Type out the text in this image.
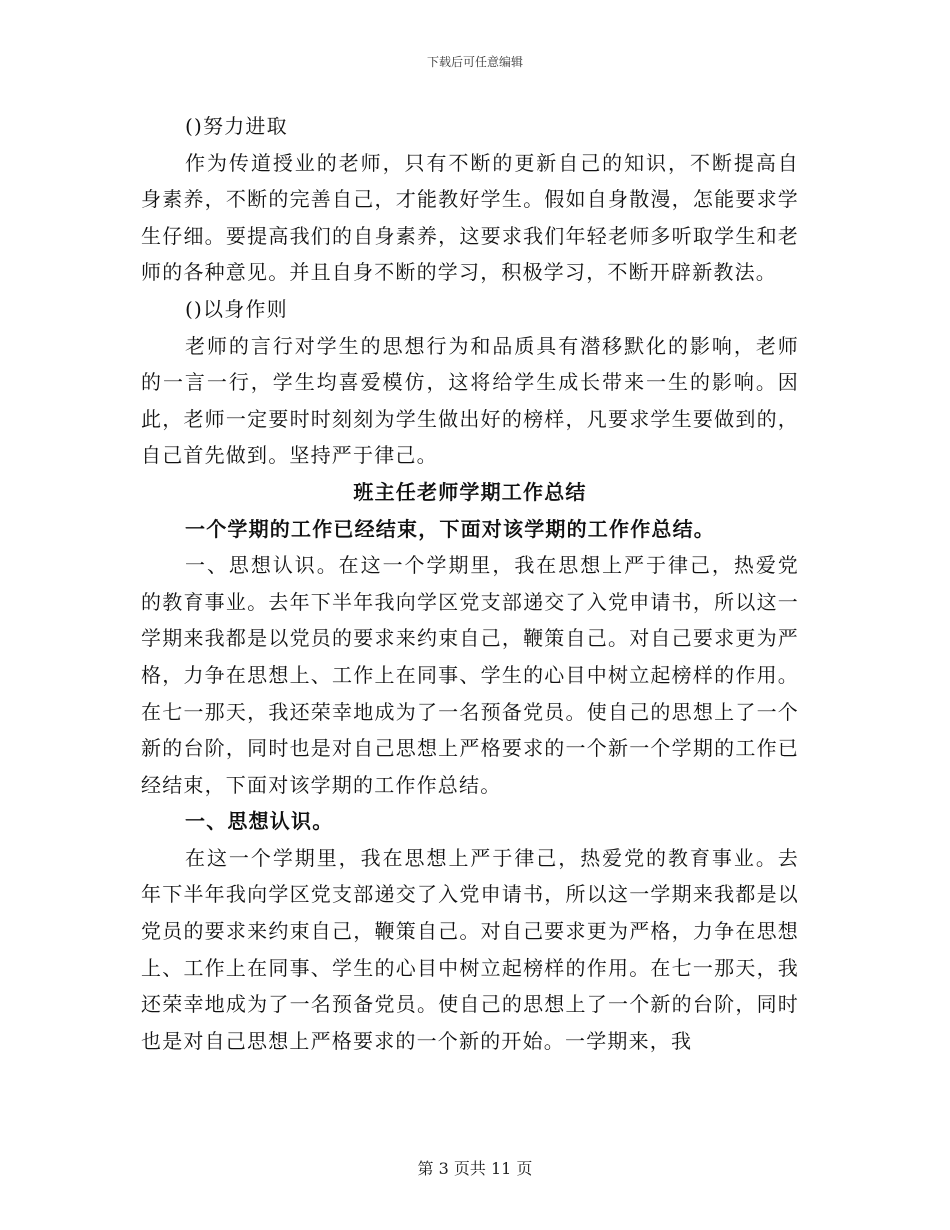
下载后可任意编辑

()努力进取

作为传道授业的老师，只有不断的更新自己的知识，不断提高自身素养，不断的完善自己，才能教好学生。假如自身散漫，怎能要求学生仔细。要提高我们的自身素养，这要求我们年轻老师多听取学生和老师的各种意见。并且自身不断的学习，积极学习，不断开辟新教法。

()以身作则

老师的言行对学生的思想行为和品质具有潜移默化的影响，老师的一言一行，学生均喜爱模仿，这将给学生成长带来一生的影响。因此，老师一定要时时刻刻为学生做出好的榜样，凡要求学生要做到的，自己首先做到。坚持严于律己。

班主任老师学期工作总结

一个学期的工作已经结束，下面对该学期的工作作总结。

一、思想认识。在这一个学期里，我在思想上严于律己，热爱党的教育事业。去年下半年我向学区党支部递交了入党申请书，所以这一学期来我都是以党员的要求来约束自己，鞭策自己。对自己要求更为严格，力争在思想上、工作上在同事、学生的心目中树立起榜样的作用。在七一那天，我还荣幸地成为了一名预备党员。使自己的思想上了一个新的台阶，同时也是对自己思想上严格要求的一个新一个学期的工作已经结束，下面对该学期的工作作总结。

一、思想认识。

在这一个学期里，我在思想上严于律己，热爱党的教育事业。去年下半年我向学区党支部递交了入党申请书，所以这一学期来我都是以党员的要求来约束自己，鞭策自己。对自己要求更为严格，力争在思想上、工作上在同事、学生的心目中树立起榜样的作用。在七一那天，我还荣幸地成为了一名预备党员。使自己的思想上了一个新的台阶，同时也是对自己思想上严格要求的一个新的开始。一学期来，我

第 3 页共 11 页
